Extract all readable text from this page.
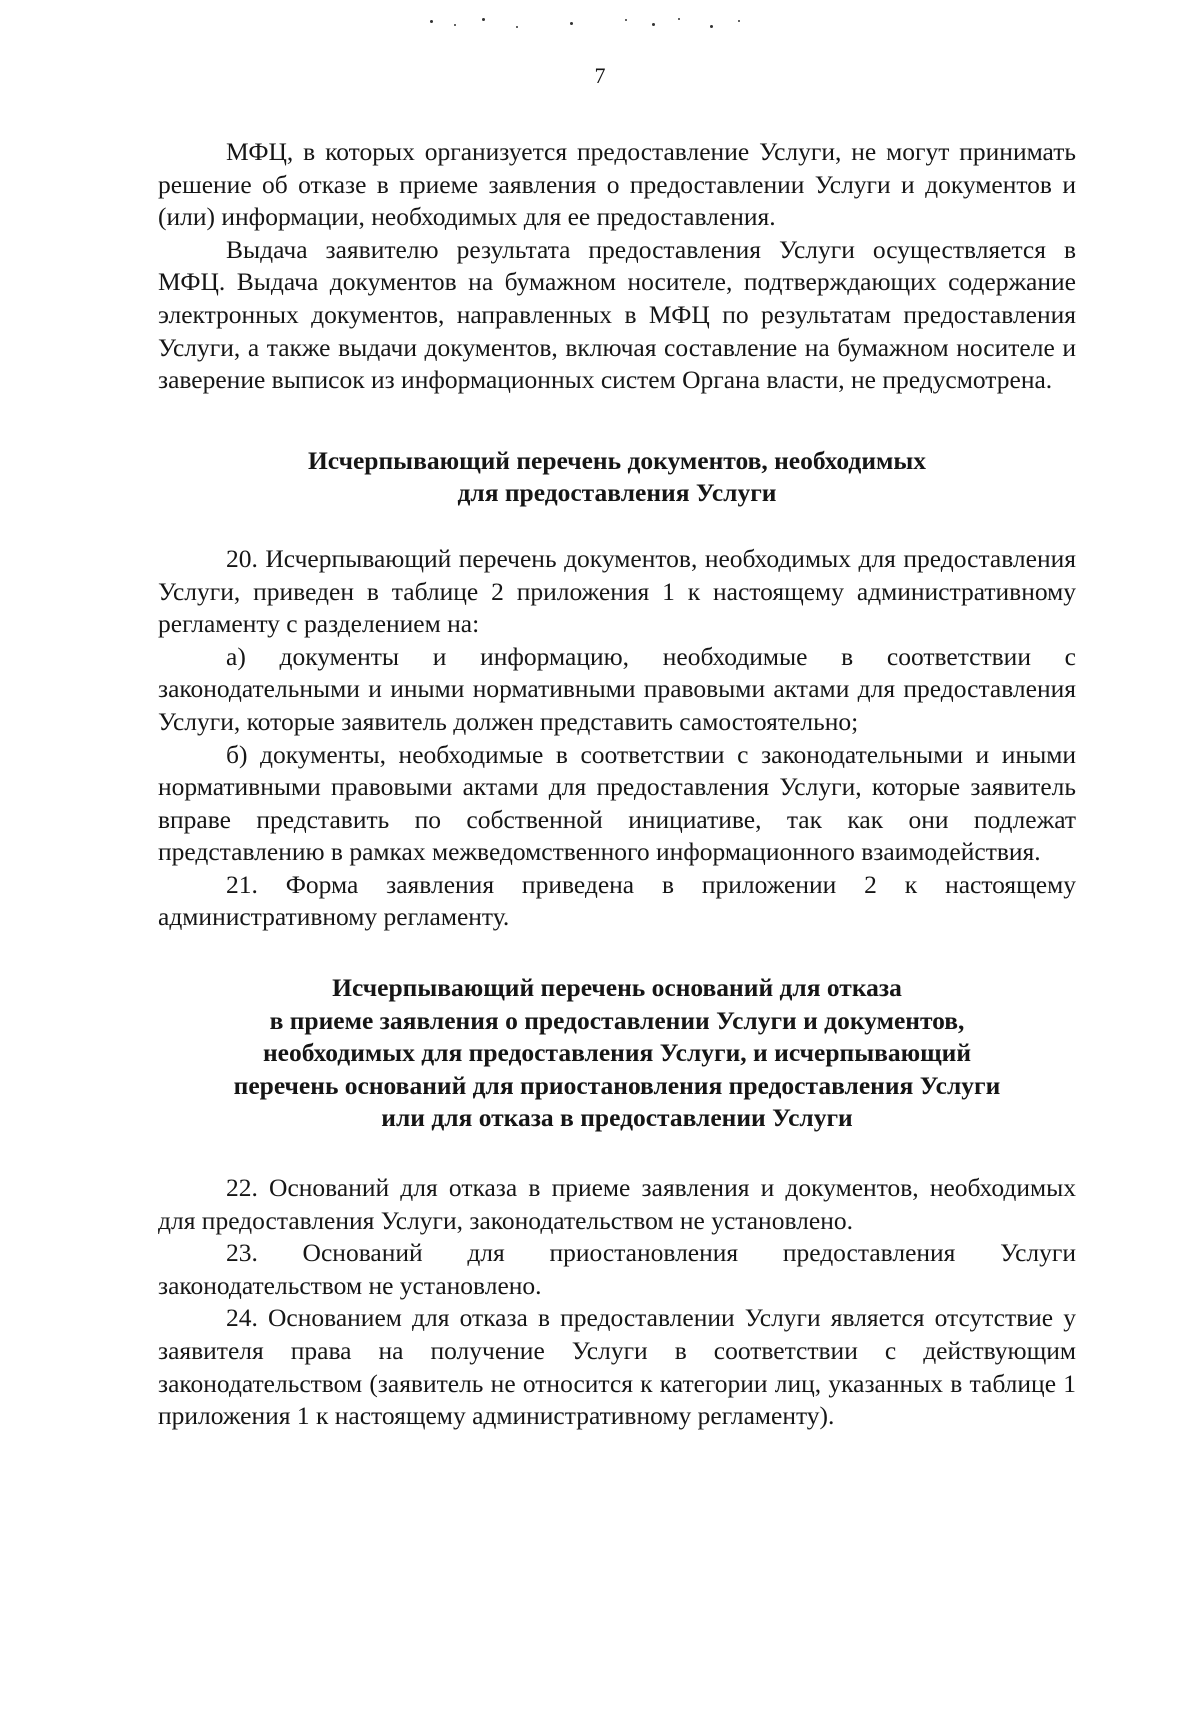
7

МФЦ, в которых организуется предоставление Услуги, не могут принимать решение об отказе в приеме заявления о предоставлении Услуги и документов и (или) информации, необходимых для ее предоставления.

Выдача заявителю результата предоставления Услуги осуществляется в МФЦ. Выдача документов на бумажном носителе, подтверждающих содержание электронных документов, направленных в МФЦ по результатам предоставления Услуги, а также выдачи документов, включая составление на бумажном носителе и заверение выписок из информационных систем Органа власти, не предусмотрена.

Исчерпывающий перечень документов, необходимых
для предоставления Услуги

20. Исчерпывающий перечень документов, необходимых для предоставления Услуги, приведен в таблице 2 приложения 1 к настоящему административному регламенту с разделением на:

а) документы и информацию, необходимые в соответствии с законодательными и иными нормативными правовыми актами для предоставления Услуги, которые заявитель должен представить самостоятельно;

б) документы, необходимые в соответствии с законодательными и иными нормативными правовыми актами для предоставления Услуги, которые заявитель вправе представить по собственной инициативе, так как они подлежат представлению в рамках межведомственного информационного взаимодействия.

21. Форма заявления приведена в приложении 2 к настоящему административному регламенту.

Исчерпывающий перечень оснований для отказа
в приеме заявления о предоставлении Услуги и документов,
необходимых для предоставления Услуги, и исчерпывающий
перечень оснований для приостановления предоставления Услуги
или для отказа в предоставлении Услуги

22. Оснований для отказа в приеме заявления и документов, необходимых для предоставления Услуги, законодательством не установлено.

23. Оснований для приостановления предоставления Услуги законодательством не установлено.

24. Основанием для отказа в предоставлении Услуги является отсутствие у заявителя права на получение Услуги в соответствии с действующим законодательством (заявитель не относится к категории лиц, указанных в таблице 1 приложения 1 к настоящему административному регламенту).
